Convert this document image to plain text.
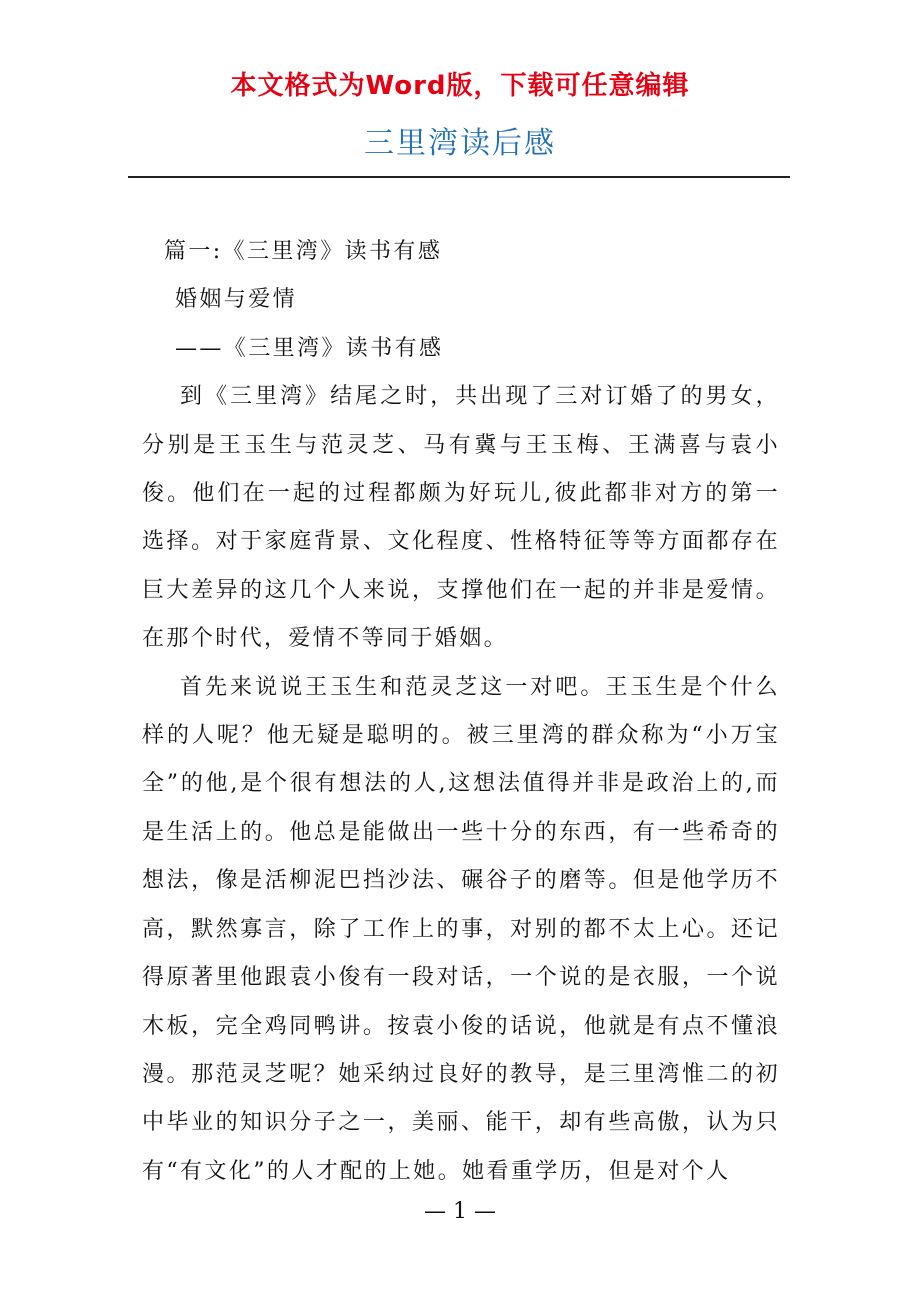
本文格式为Word版，下载可任意编辑
三里湾读后感

篇一:《三里湾》读书有感

婚姻与爱情

——《三里湾》读书有感

到《三里湾》结尾之时，共出现了三对订婚了的男女，分别是王玉生与范灵芝、马有冀与王玉梅、王满喜与袁小俊。他们在一起的过程都颇为好玩儿,彼此都非对方的第一选择。对于家庭背景、文化程度、性格特征等等方面都存在巨大差异的这几个人来说，支撑他们在一起的并非是爱情。在那个时代，爱情不等同于婚姻。

首先来说说王玉生和范灵芝这一对吧。王玉生是个什么样的人呢？他无疑是聪明的。被三里湾的群众称为“小万宝全”的他,是个很有想法的人,这想法值得并非是政治上的,而是生活上的。他总是能做出一些十分的东西，有一些希奇的想法，像是活柳泥巴挡沙法、碾谷子的磨等。但是他学历不高，默然寡言，除了工作上的事，对别的都不太上心。还记得原著里他跟袁小俊有一段对话，一个说的是衣服，一个说木板，完全鸡同鸭讲。按袁小俊的话说，他就是有点不懂浪漫。那范灵芝呢？她采纳过良好的教导，是三里湾惟二的初中毕业的知识分子之一，美丽、能干，却有些高傲，认为只有“有文化”的人才配的上她。她看重学历，但是对个人

— 1 —
